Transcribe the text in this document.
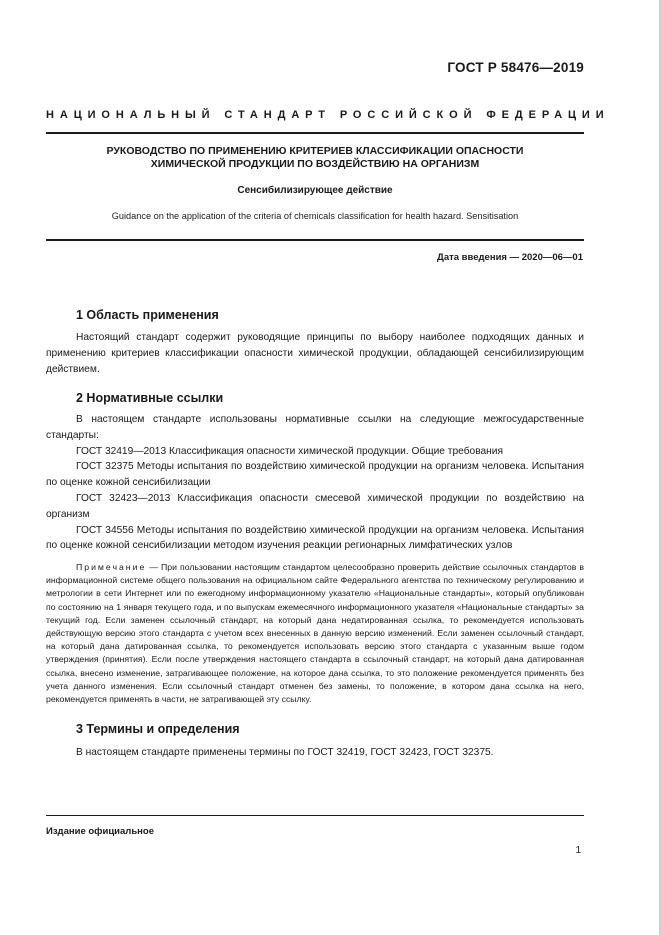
ГОСТ Р 58476—2019
НАЦИОНАЛЬНЫЙ СТАНДАРТ РОССИЙСКОЙ ФЕДЕРАЦИИ
РУКОВОДСТВО ПО ПРИМЕНЕНИЮ КРИТЕРИЕВ КЛАССИФИКАЦИИ ОПАСНОСТИ
ХИМИЧЕСКОЙ ПРОДУКЦИИ ПО ВОЗДЕЙСТВИЮ НА ОРГАНИЗМ
Сенсибилизирующее действие
Guidance on the application of the criteria of chemicals classification for health hazard. Sensitisation
Дата введения — 2020—06—01
1 Область применения

Настоящий стандарт содержит руководящие принципы по выбору наиболее подходящих данных и применению критериев классификации опасности химической продукции, обладающей сенсибилизирующим действием.

2 Нормативные ссылки

В настоящем стандарте использованы нормативные ссылки на следующие межгосударственные стандарты:

ГОСТ 32419—2013 Классификация опасности химической продукции. Общие требования

ГОСТ 32375 Методы испытания по воздействию химической продукции на организм человека. Испытания по оценке кожной сенсибилизации

ГОСТ 32423—2013 Классификация опасности смесевой химической продукции по воздействию на организм

ГОСТ 34556 Методы испытания по воздействию химической продукции на организм человека. Испытания по оценке кожной сенсибилизации методом изучения реакции регионарных лимфатических узлов

Примечание — При пользовании настоящим стандартом целесообразно проверить действие ссылочных стандартов в информационной системе общего пользования на официальном сайте Федерального агентства по техническому регулированию и метрологии в сети Интернет или по ежегодному информационному указателю «Национальные стандарты», который опубликован по состоянию на 1 января текущего года, и по выпускам ежемесячного информационного указателя «Национальные стандарты» за текущий год. Если заменен ссылочный стандарт, на который дана недатированная ссылка, то рекомендуется использовать действующую версию этого стандарта с учетом всех внесенных в данную версию изменений. Если заменен ссылочный стандарт, на который дана датированная ссылка, то рекомендуется использовать версию этого стандарта с указанным выше годом утверждения (принятия). Если после утверждения настоящего стандарта в ссылочный стандарт, на который дана датированная ссылка, внесено изменение, затрагивающее положение, на которое дана ссылка, то это положение рекомендуется применять без учета данного изменения. Если ссылочный стандарт отменен без замены, то положение, в котором дана ссылка на него, рекомендуется применять в части, не затрагивающей эту ссылку.
3 Термины и определения

В настоящем стандарте применены термины по ГОСТ 32419, ГОСТ 32423, ГОСТ 32375.

Издание официальное
1
